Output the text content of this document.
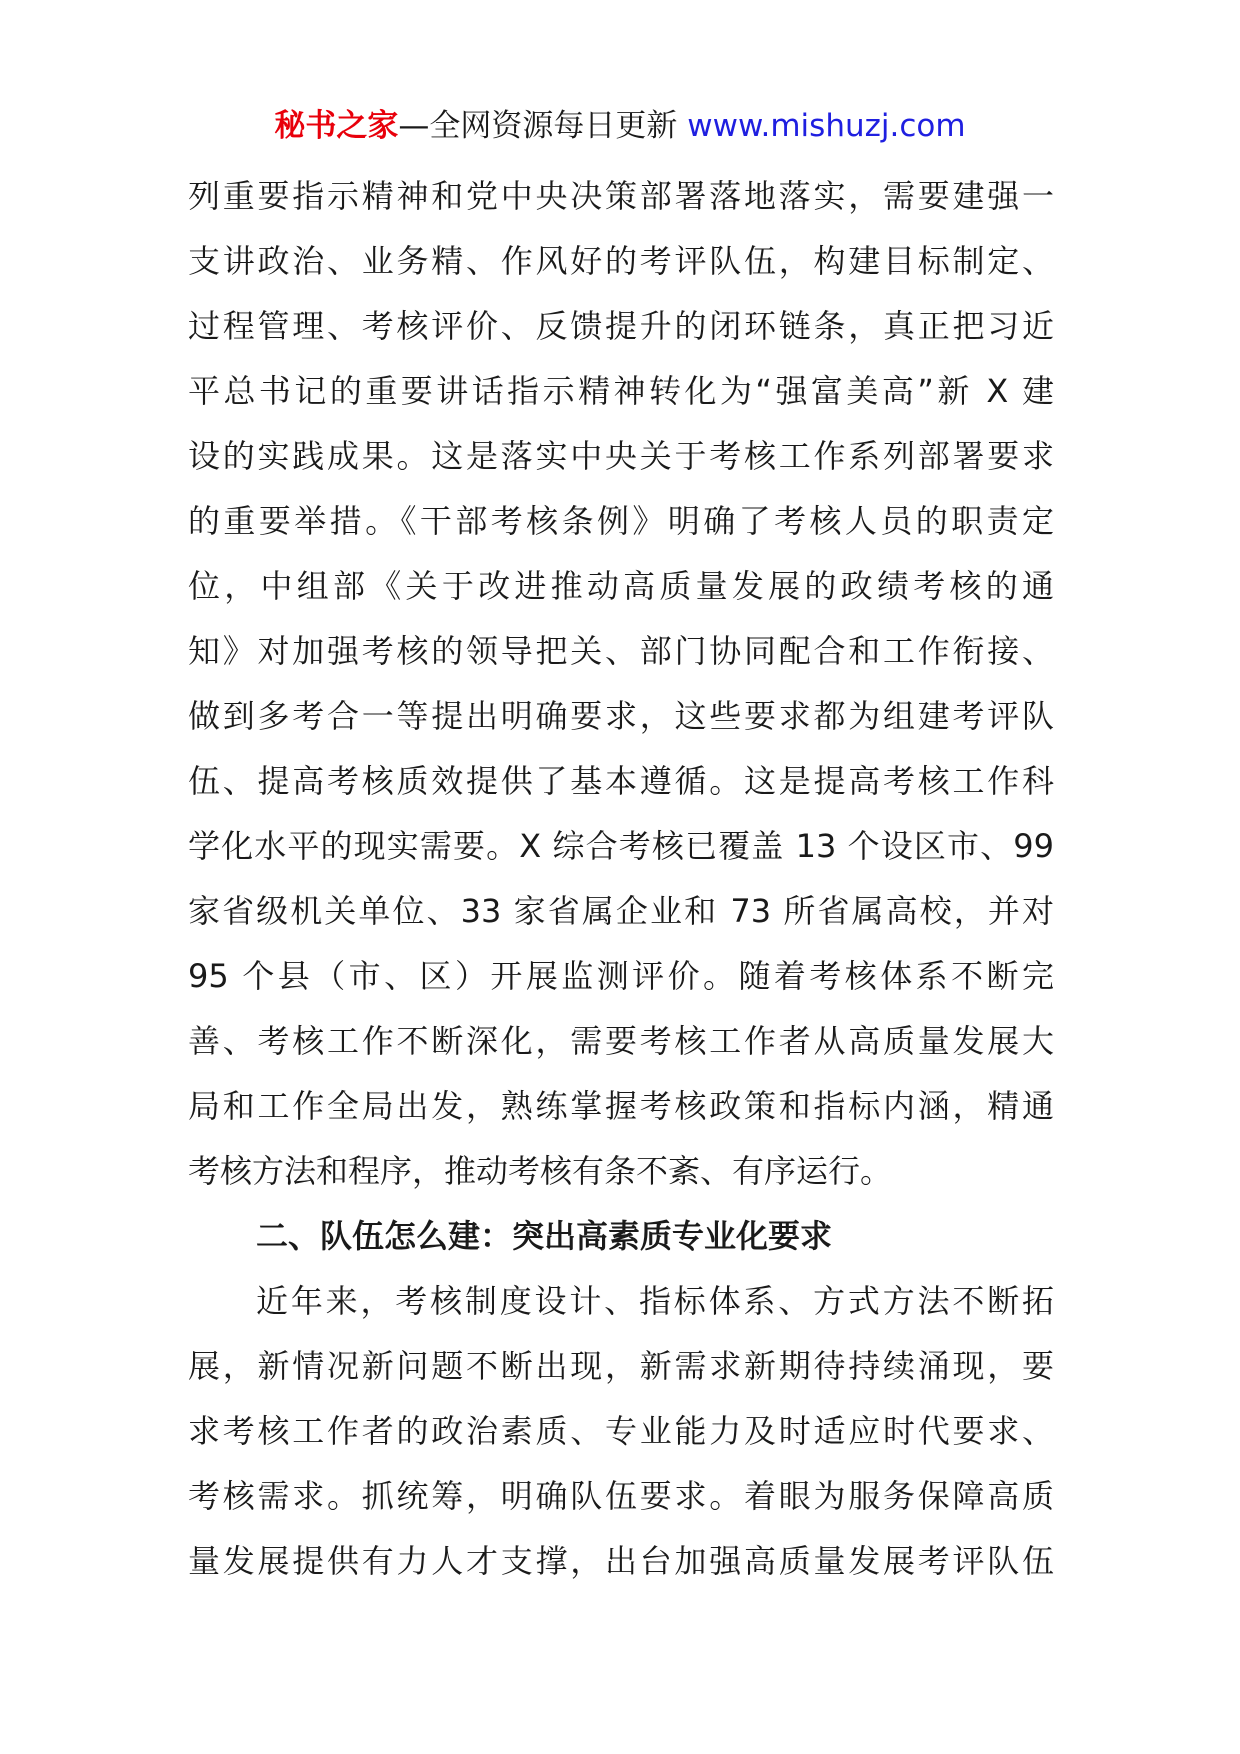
秘书之家—全网资源每日更新 www.mishuzj.com
列重要指示精神和党中央决策部署落地落实，需要建强一
支讲政治、业务精、作风好的考评队伍，构建目标制定、
过程管理、考核评价、反馈提升的闭环链条，真正把习近
平总书记的重要讲话指示精神转化为“强富美高”新 X 建
设的实践成果。这是落实中央关于考核工作系列部署要求
的重要举措。《干部考核条例》明确了考核人员的职责定
位，中组部《关于改进推动高质量发展的政绩考核的通
知》对加强考核的领导把关、部门协同配合和工作衔接、
做到多考合一等提出明确要求，这些要求都为组建考评队
伍、提高考核质效提供了基本遵循。这是提高考核工作科
学化水平的现实需要。X 综合考核已覆盖 13 个设区市、99
家省级机关单位、33 家省属企业和 73 所省属高校，并对
95 个县（市、区）开展监测评价。随着考核体系不断完
善、考核工作不断深化，需要考核工作者从高质量发展大
局和工作全局出发，熟练掌握考核政策和指标内涵，精通
考核方法和程序，推动考核有条不紊、有序运行。
二、队伍怎么建：突出高素质专业化要求
近年来，考核制度设计、指标体系、方式方法不断拓
展，新情况新问题不断出现，新需求新期待持续涌现，要
求考核工作者的政治素质、专业能力及时适应时代要求、
考核需求。抓统筹，明确队伍要求。着眼为服务保障高质
量发展提供有力人才支撑，出台加强高质量发展考评队伍
